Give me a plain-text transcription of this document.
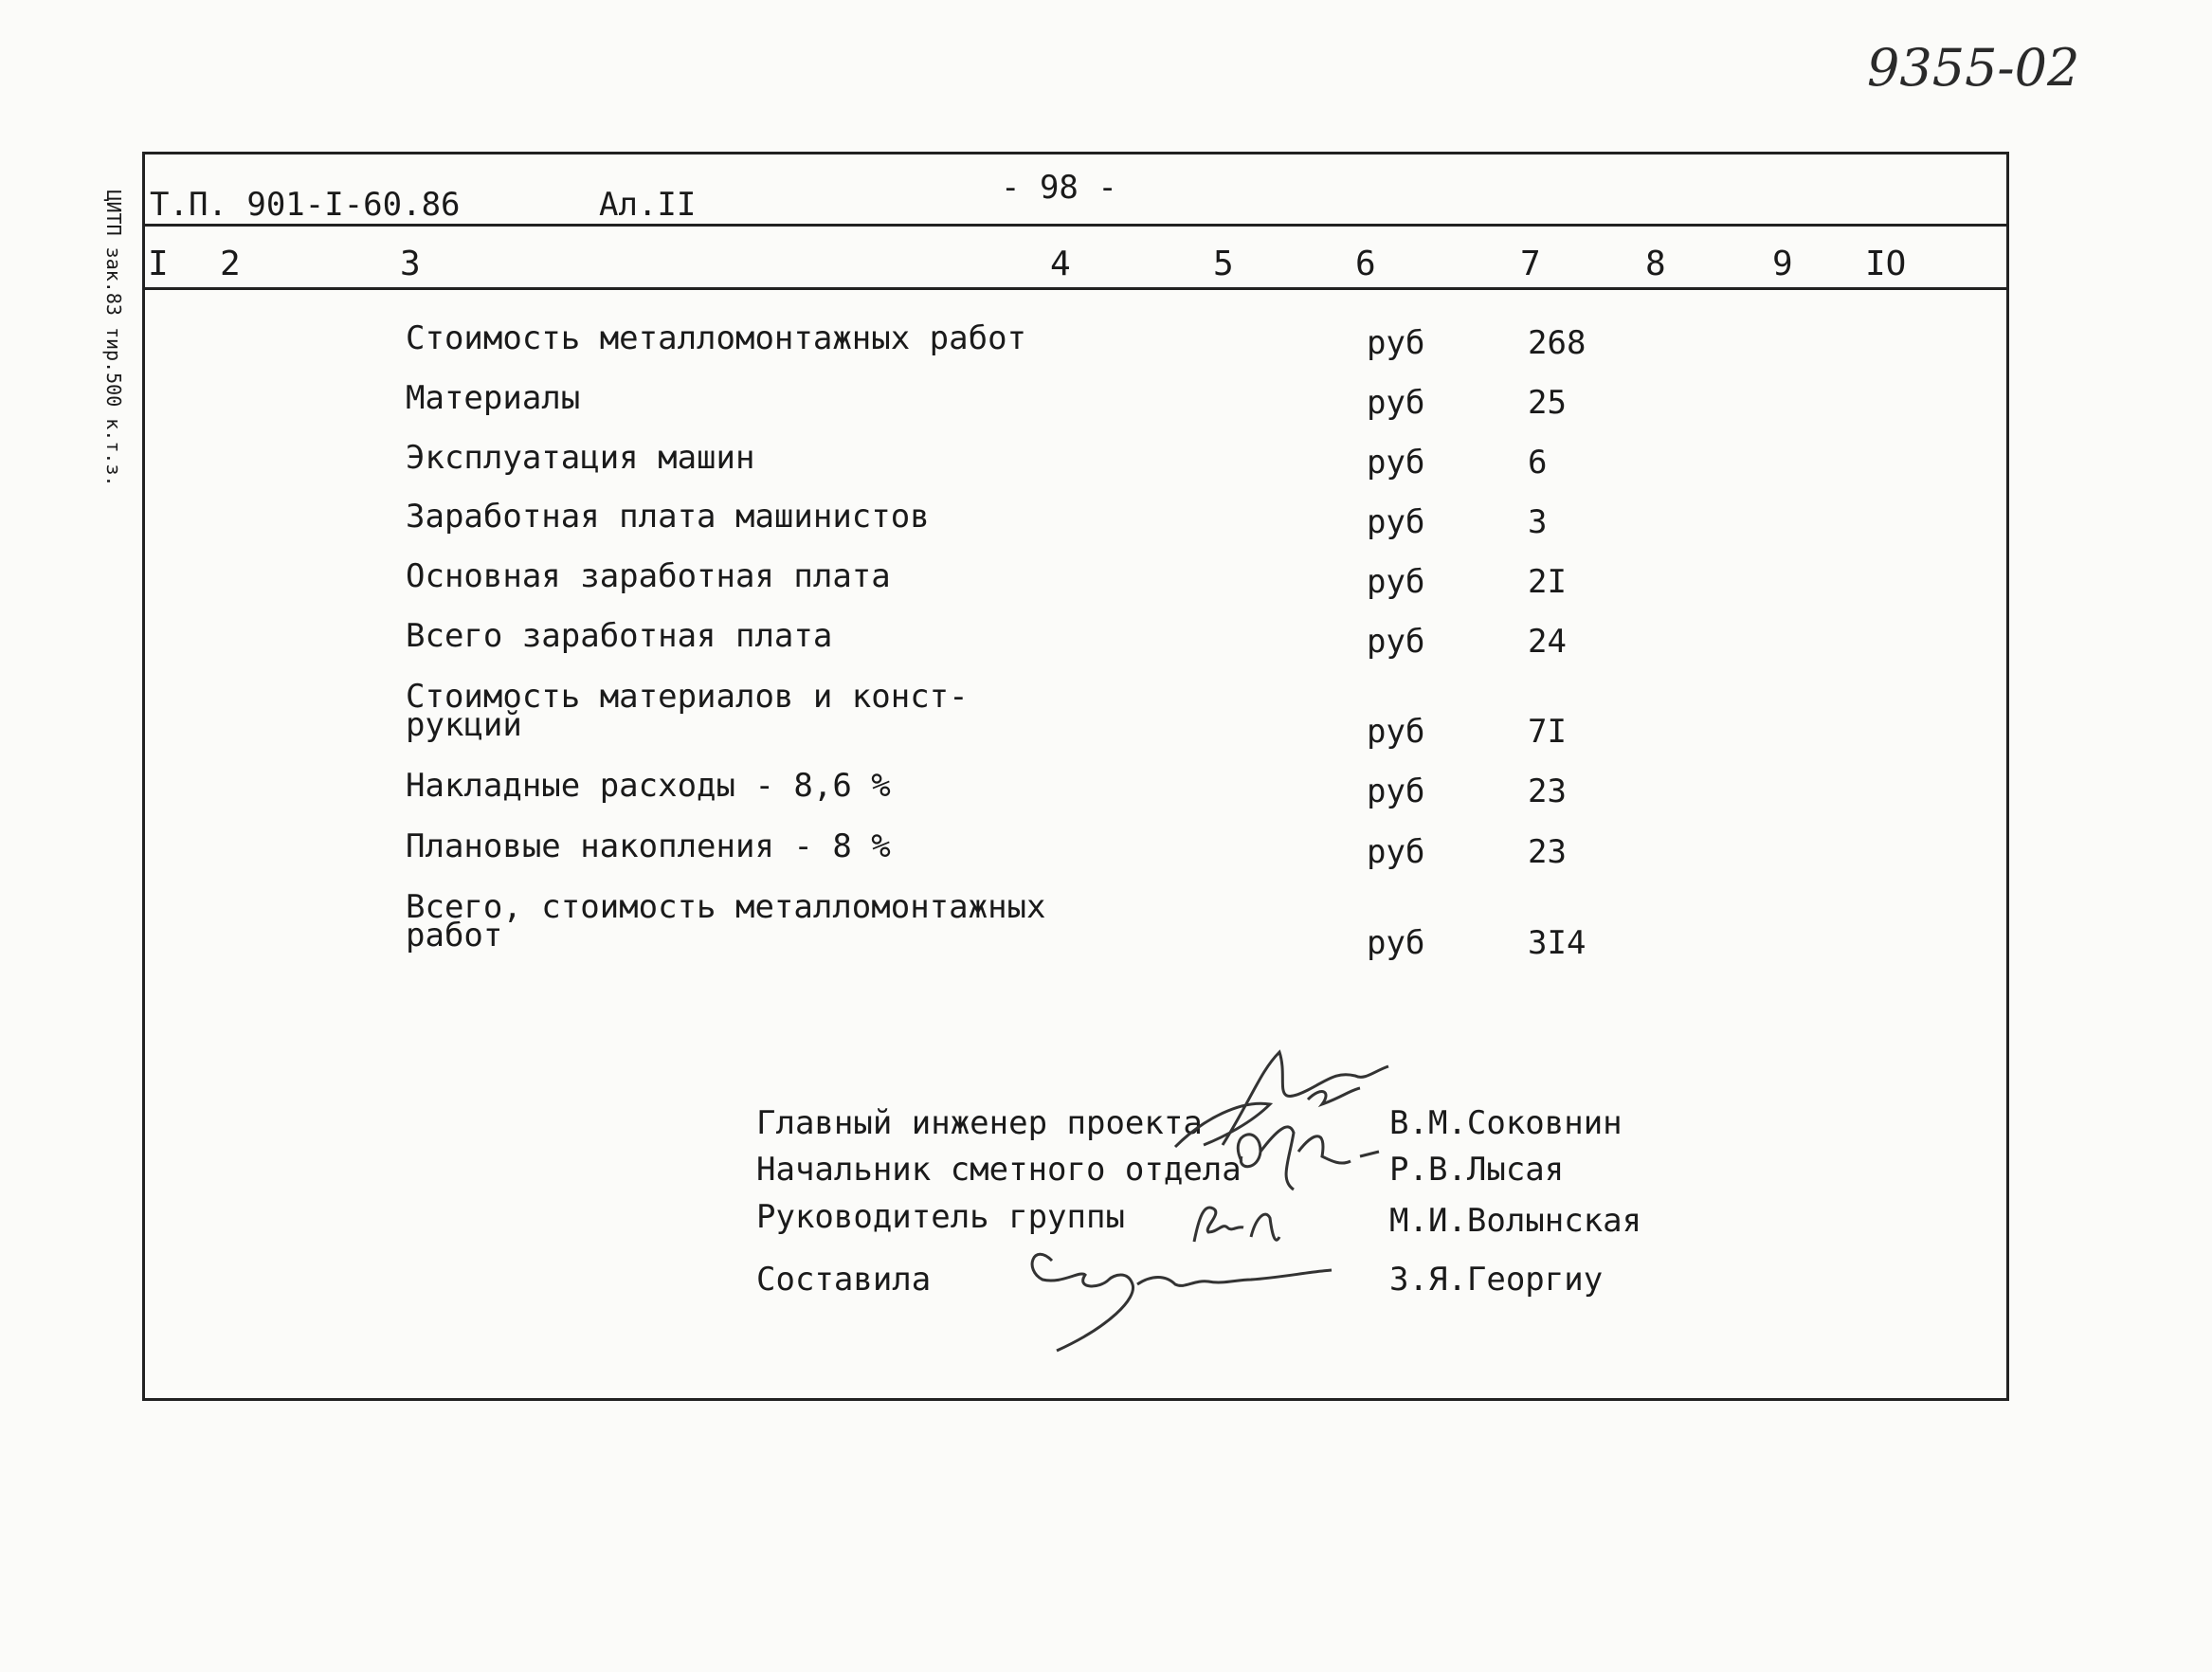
9355-02
ЦИТП зак.83 тир.500 к.т.з. Т.П. 901-I-60.86	Ал.II	- 98 -
I 2	3	4	5	6	7	8	9 IO
Стоимость металломонтажных работ	руб	268
Материалы	руб	25
Эксплуатация машин	руб	6
Заработная плата машинистов	руб	3
Основная заработная плата	руб	2I
Всего заработная плата	руб	24
Стоимость материалов и конст-
рукций	руб	7I
Накладные расходы - 8,6 %	руб	23
Плановые накопления - 8 %	руб	23
Всего, стоимость металломонтажных
работ	руб	3I4
Главный инженер проекта	В.М.Соковнин
Начальник сметного отдела	Р.В.Лысая
Руководитель группы	М.И.Волынская
Составила	З.Я.Георгиу
